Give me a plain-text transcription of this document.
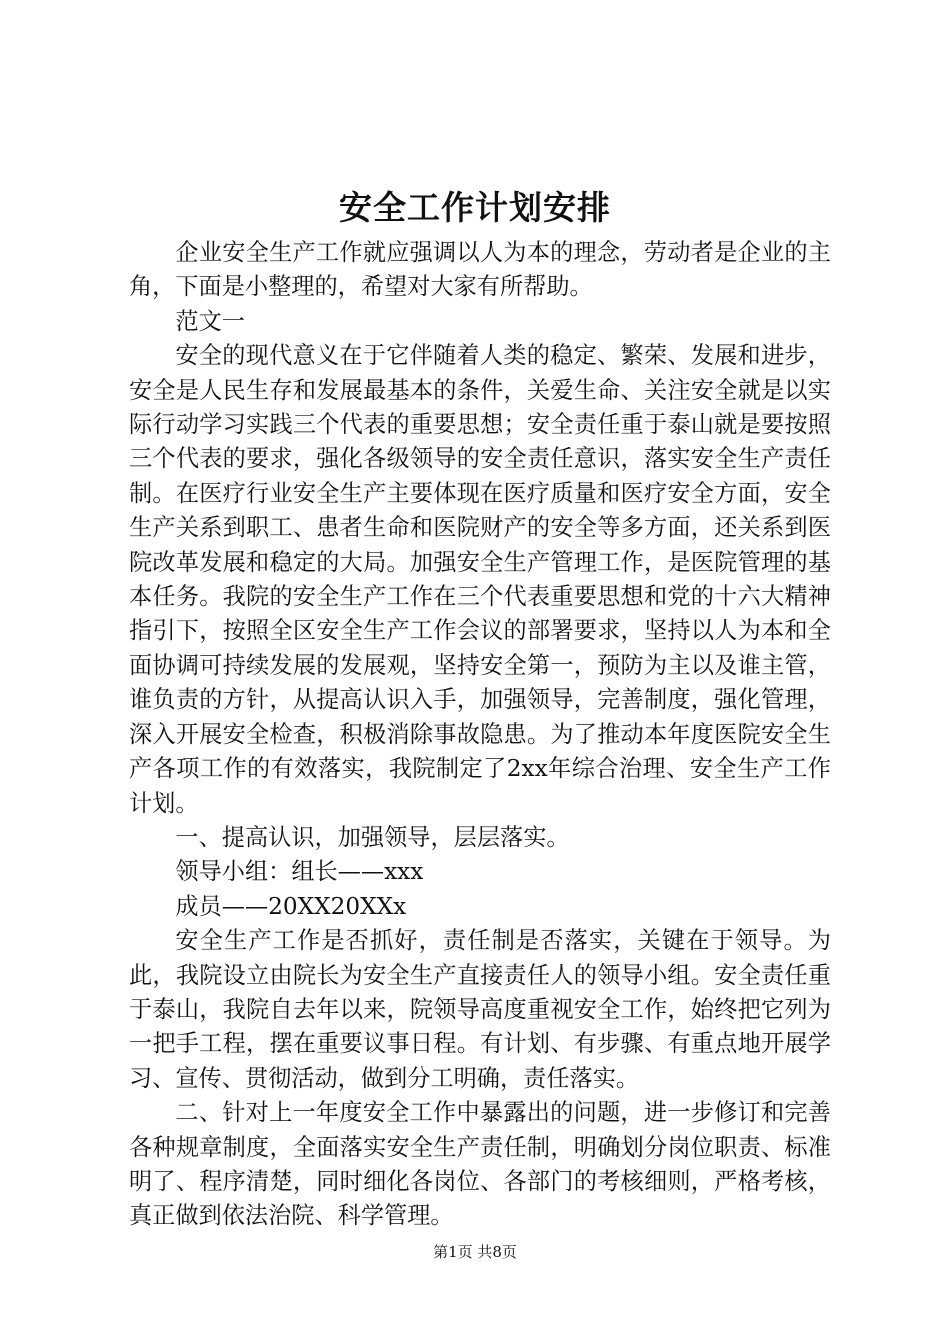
安全工作计划安排

企业安全生产工作就应强调以人为本的理念，劳动者是企业的主角，下面是小整理的，希望对大家有所帮助。

范文一

安全的现代意义在于它伴随着人类的稳定、繁荣、发展和进步，安全是人民生存和发展最基本的条件，关爱生命、关注安全就是以实际行动学习实践三个代表的重要思想；安全责任重于泰山就是要按照三个代表的要求，强化各级领导的安全责任意识，落实安全生产责任制。在医疗行业安全生产主要体现在医疗质量和医疗安全方面，安全生产关系到职工、患者生命和医院财产的安全等多方面，还关系到医院改革发展和稳定的大局。加强安全生产管理工作，是医院管理的基本任务。我院的安全生产工作在三个代表重要思想和党的十六大精神指引下，按照全区安全生产工作会议的部署要求，坚持以人为本和全面协调可持续发展的发展观，坚持安全第一，预防为主以及谁主管，谁负责的方针，从提高认识入手，加强领导，完善制度，强化管理，深入开展安全检查，积极消除事故隐患。为了推动本年度医院安全生产各项工作的有效落实，我院制定了2xx年综合治理、安全生产工作计划。

一、提高认识，加强领导，层层落实。

领导小组：组长——xxx

成员——20XX20XXx

安全生产工作是否抓好，责任制是否落实，关键在于领导。为此，我院设立由院长为安全生产直接责任人的领导小组。安全责任重于泰山，我院自去年以来，院领导高度重视安全工作，始终把它列为一把手工程，摆在重要议事日程。有计划、有步骤、有重点地开展学习、宣传、贯彻活动，做到分工明确，责任落实。

二、针对上一年度安全工作中暴露出的问题，进一步修订和完善各种规章制度，全面落实安全生产责任制，明确划分岗位职责、标准明了、程序清楚，同时细化各岗位、各部门的考核细则，严格考核，真正做到依法治院、科学管理。

第1页 共8页
